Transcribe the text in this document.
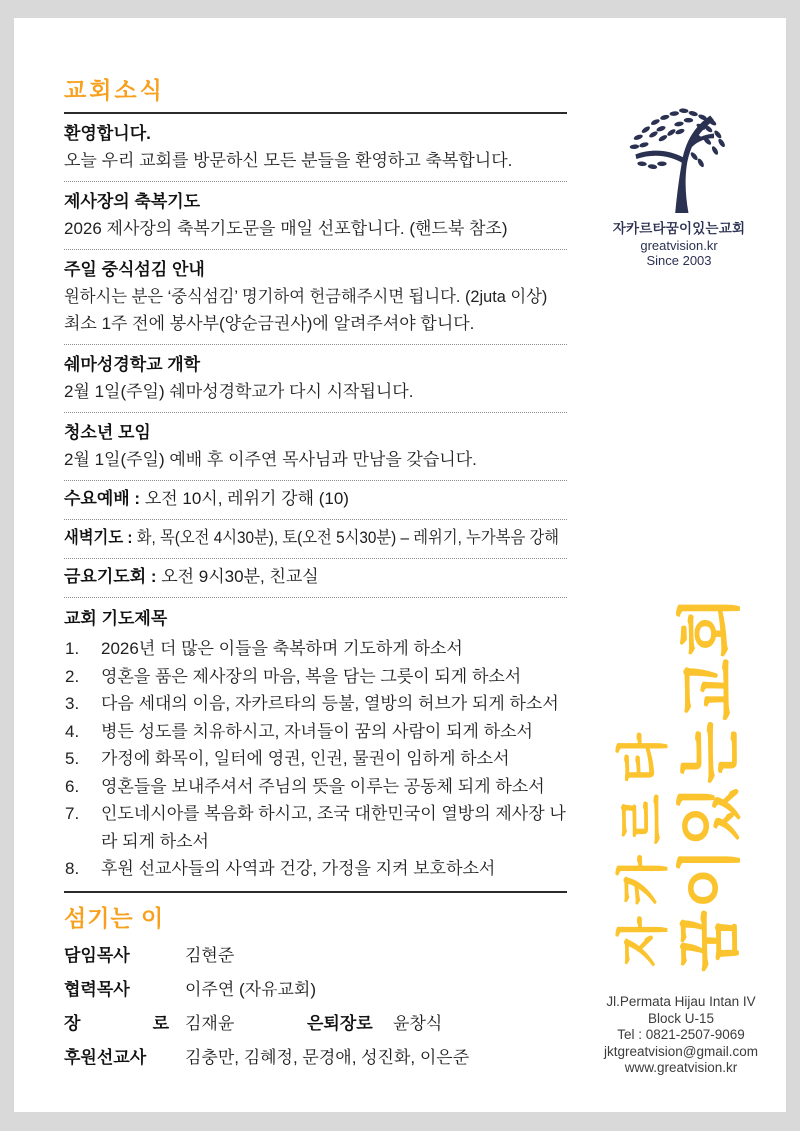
교회소식
환영합니다.
오늘 우리 교회를 방문하신 모든 분들을 환영하고 축복합니다.
제사장의 축복기도
2026 제사장의 축복기도문을 매일 선포합니다. (핸드북 참조)
주일 중식섬김 안내
원하시는 분은 ‘중식섬김’ 명기하여 헌금해주시면 됩니다. (2juta 이상)
최소 1주 전에 봉사부(양순금권사)에 알려주셔야 합니다.
쉐마성경학교 개학
2월 1일(주일) 쉐마성경학교가 다시 시작됩니다.
청소년 모임
2월 1일(주일) 예배 후 이주연 목사님과 만남을 갖습니다.
수요예배 : 오전 10시, 레위기 강해 (10)
새벽기도 : 화, 목(오전 4시30분), 토(오전 5시30분) – 레위기, 누가복음 강해
금요기도회 : 오전 9시30분, 친교실
교회 기도제목
2026년 더 많은 이들을 축복하며 기도하게 하소서
영혼을 품은 제사장의 마음, 복을 담는 그릇이 되게 하소서
다음 세대의 이음, 자카르타의 등불, 열방의 허브가 되게 하소서
병든 성도를 치유하시고, 자녀들이 꿈의 사람이 되게 하소서
가정에 화목이, 일터에 영권, 인권, 물권이 임하게 하소서
영혼들을 보내주셔서 주님의 뜻을 이루는 공동체 되게 하소서
인도네시아를 복음화 하시고, 조국 대한민국이 열방의 제사장 나라 되게 하소서
후원 선교사들의 사역과 건강, 가정을 지켜 보호하소서
섬기는 이
담임목사	김현준
협력목사	이주연 (자유교회)
장 로 김재윤	은퇴장로	윤창식
후원선교사	김충만, 김혜정, 문경애, 성진화, 이은준
자카르타꿈이있는교회
greatvision.kr
Since 2003
자카르타 꿈이있는교회
Jl.Permata Hijau Intan IV
Block U-15
Tel : 0821-2507-9069
jktgreatvision@gmail.com
www.greatvision.kr
